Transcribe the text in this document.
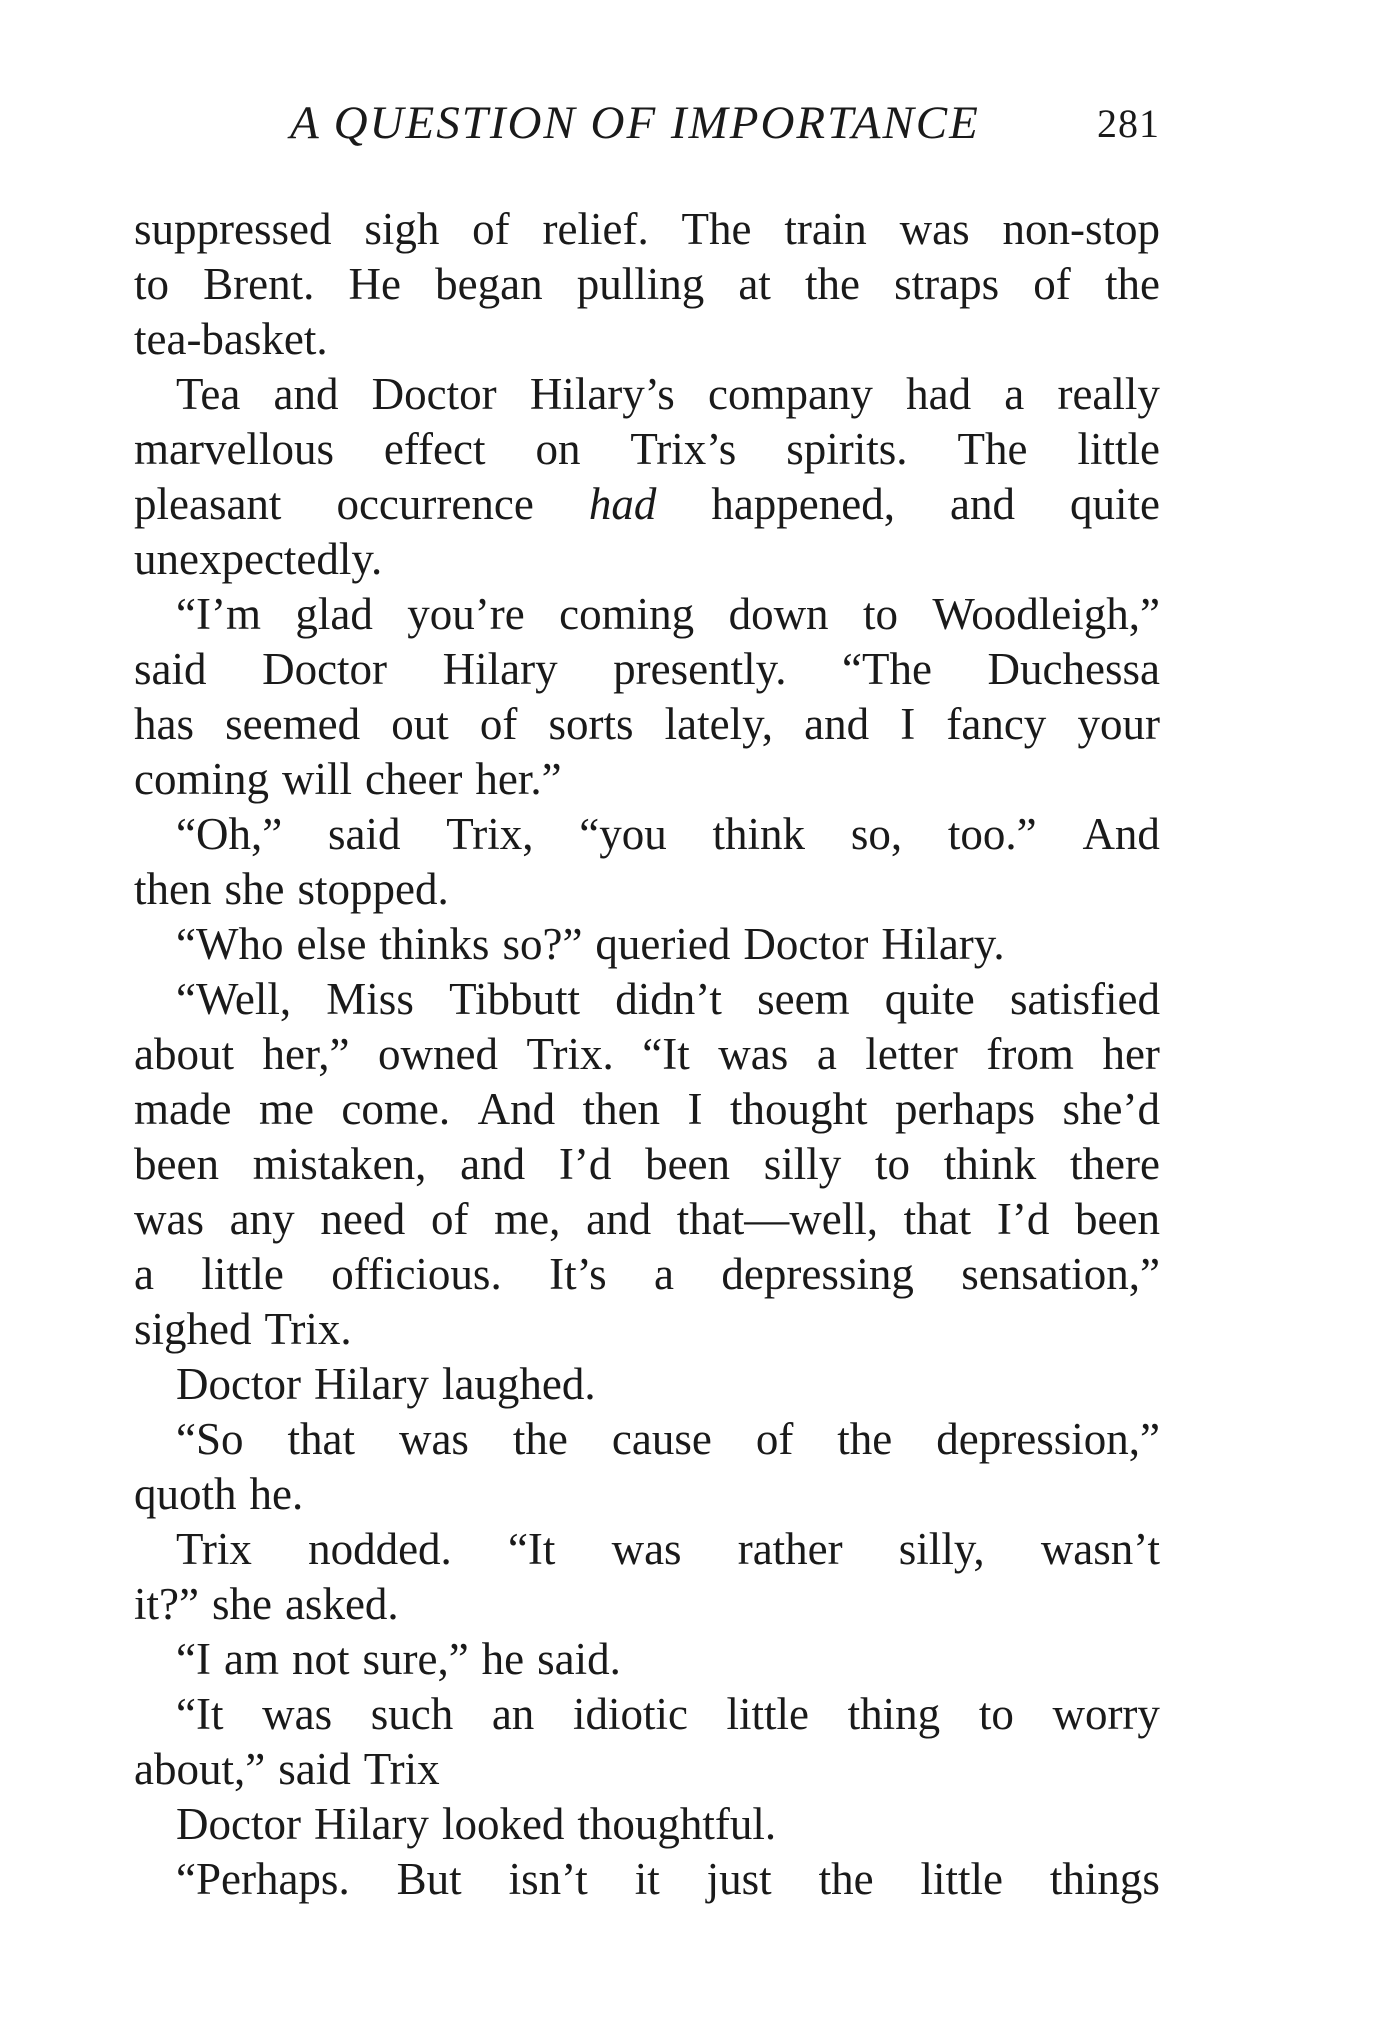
A QUESTION OF IMPORTANCE	281
suppressed sigh of relief. The train was non-stop
to Brent. He began pulling at the straps of the
tea-basket.
Tea and Doctor Hilary’s company had a really
marvellous effect on Trix’s spirits. The little
pleasant occurrence had happened, and quite
unexpectedly.
“I’m glad you’re coming down to Woodleigh,”
said Doctor Hilary presently. “The Duchessa
has seemed out of sorts lately, and I fancy your
coming will cheer her.”
“Oh,” said Trix, “you think so, too.” And
then she stopped.
“Who else thinks so?” queried Doctor Hilary.
“Well, Miss Tibbutt didn’t seem quite satisfied
about her,” owned Trix. “It was a letter from her
made me come. And then I thought perhaps she’d
been mistaken, and I’d been silly to think there
was any need of me, and that—well, that I’d been
a little officious. It’s a depressing sensation,”
sighed Trix.
Doctor Hilary laughed.
“So that was the cause of the depression,”
quoth he.
Trix nodded. “It was rather silly, wasn’t
it?” she asked.
“I am not sure,” he said.
“It was such an idiotic little thing to worry
about,” said Trix
Doctor Hilary looked thoughtful.
“Perhaps. But isn’t it just the little things
